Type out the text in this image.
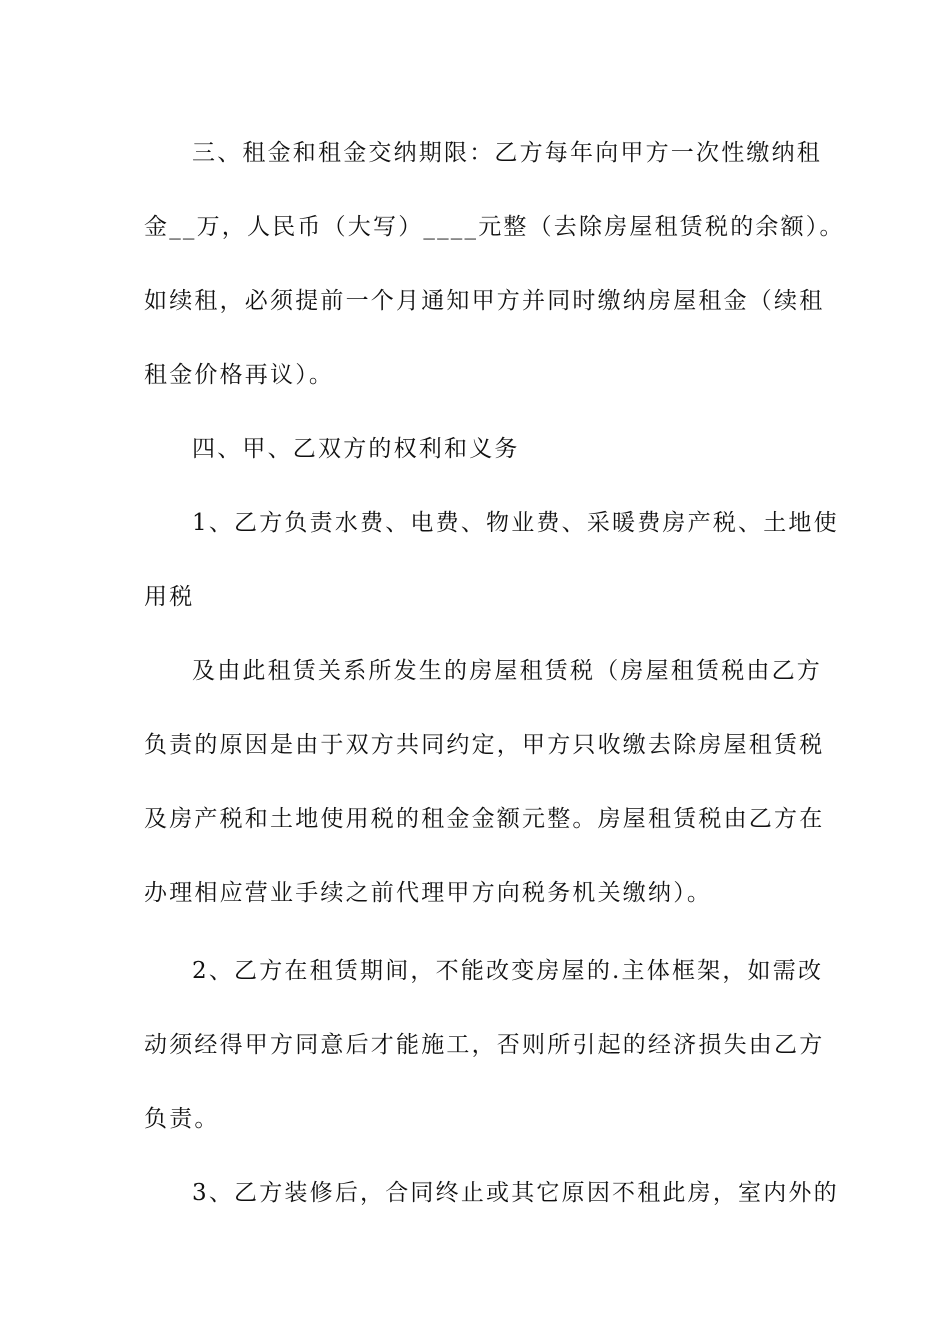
三、租金和租金交纳期限：乙方每年向甲方一次性缴纳租
金__万，人民币（大写）____元整（去除房屋租赁税的余额）。
如续租，必须提前一个月通知甲方并同时缴纳房屋租金（续租
租金价格再议）。
四、甲、乙双方的权利和义务
1、乙方负责水费、电费、物业费、采暖费房产税、土地使
用税
及由此租赁关系所发生的房屋租赁税（房屋租赁税由乙方
负责的原因是由于双方共同约定，甲方只收缴去除房屋租赁税
及房产税和土地使用税的租金金额元整。房屋租赁税由乙方在
办理相应营业手续之前代理甲方向税务机关缴纳）。
2、乙方在租赁期间，不能改变房屋的.主体框架，如需改
动须经得甲方同意后才能施工，否则所引起的经济损失由乙方
负责。
3、乙方装修后，合同终止或其它原因不租此房，室内外的
